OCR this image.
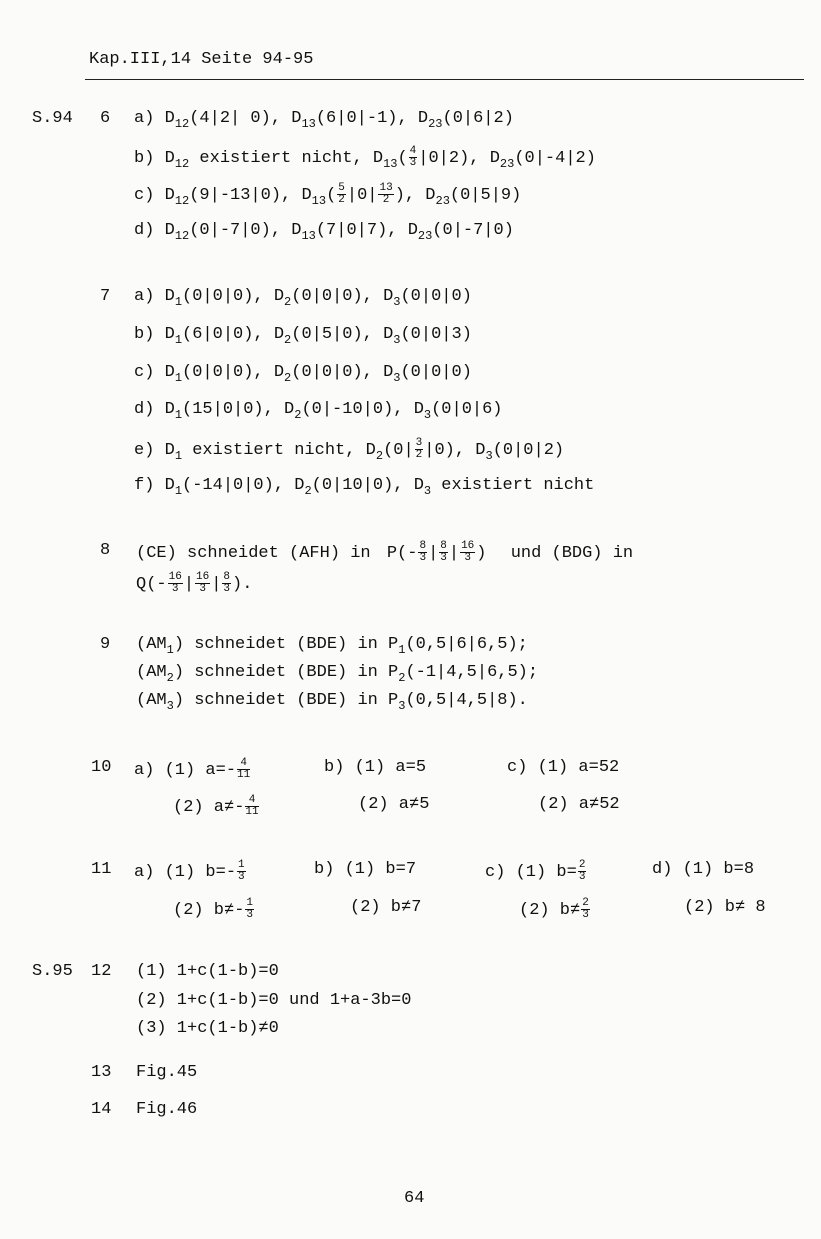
Kap.III,14 Seite 94-95
S.94 6 a) $D_{12}(4|2|$ 0), $D_{13}(6|0|-1)$, $D_{23}(0|6|2)$
b) $D_{12}$ existiert nicht, $D_{13}( \frac{4}{3} |0|2)$, $D_{23}(0|-4|2)$
c) $D_{12}(9|-13|0)$, $D_{13}( \frac{5}{2} |0| \frac{13}{2}$ ), $D_{23}(0|5|9)$
d) $D_{12}(0|-7|0)$, $D_{13}(7|0|7)$, $D_{23}(0|-7|0)$
7 a) $D_1(0|0|0)$, $D_2(0|0|0)$, $D_3(0|0|0)$
b) $D_1(6|0|0)$, $D_2(0|5|0)$, $D_3(0|0|3)$
c) $D_1(0|0|0)$, $D_2(0|0|0)$, $D_3(0|0|0)$
d) $D_1(15|0|0)$, $D_2(0|-10|0)$, $D_3(0|0|6)$
e) $D_1$ existiert nicht, $D_2(0| \frac{3}{2} |0)$, $D_3(0|0|2)$
f) $D_1(-14|0|0)$, $D_2(0|10|0)$, $D_3$ existiert nicht
8 (CE) schneidet (AFH) in $P(- \frac{8}{3}$ | $\frac{8}{3}$ | $\frac{16}{3}$ ) und (BDG) in
$Q(- \frac{16}{3}$ | $\frac{16}{3}$ | $\frac{8}{3}$ ).
9 $(AM_1)$ schneidet (BDE) in $P_1(0,5|6|6,5)$;
$(AM_2)$ schneidet (BDE) in $P_2(-1|4,5|6,5)$;
$(AM_3)$ schneidet (BDE) in $P_3(0,5|4,5|8)$.
10 a) (1) $a=- \frac{4}{11}$
(2) $a\ne- \frac{4}{11}$
b) (1) a=5
(2) a≠5
c) (1) a=52
(2) a≠52
11 a) (1) $b=- \frac{1}{3}$
(2) $b\ne- \frac{1}{3}$
b) (1) b=7
(2) b≠7
c) (1) $b= \frac{2}{3}$
(2) $b\ne \frac{2}{3}$
d) (1) b=8
(2) b≠ 8
S.95 12 (1) 1+c(1-b)=0
(2) 1+c(1-b)=0 und 1+a-3b=0
(3) 1+c(1-b)≠0
13 Fig.45
14 Fig.46
64
